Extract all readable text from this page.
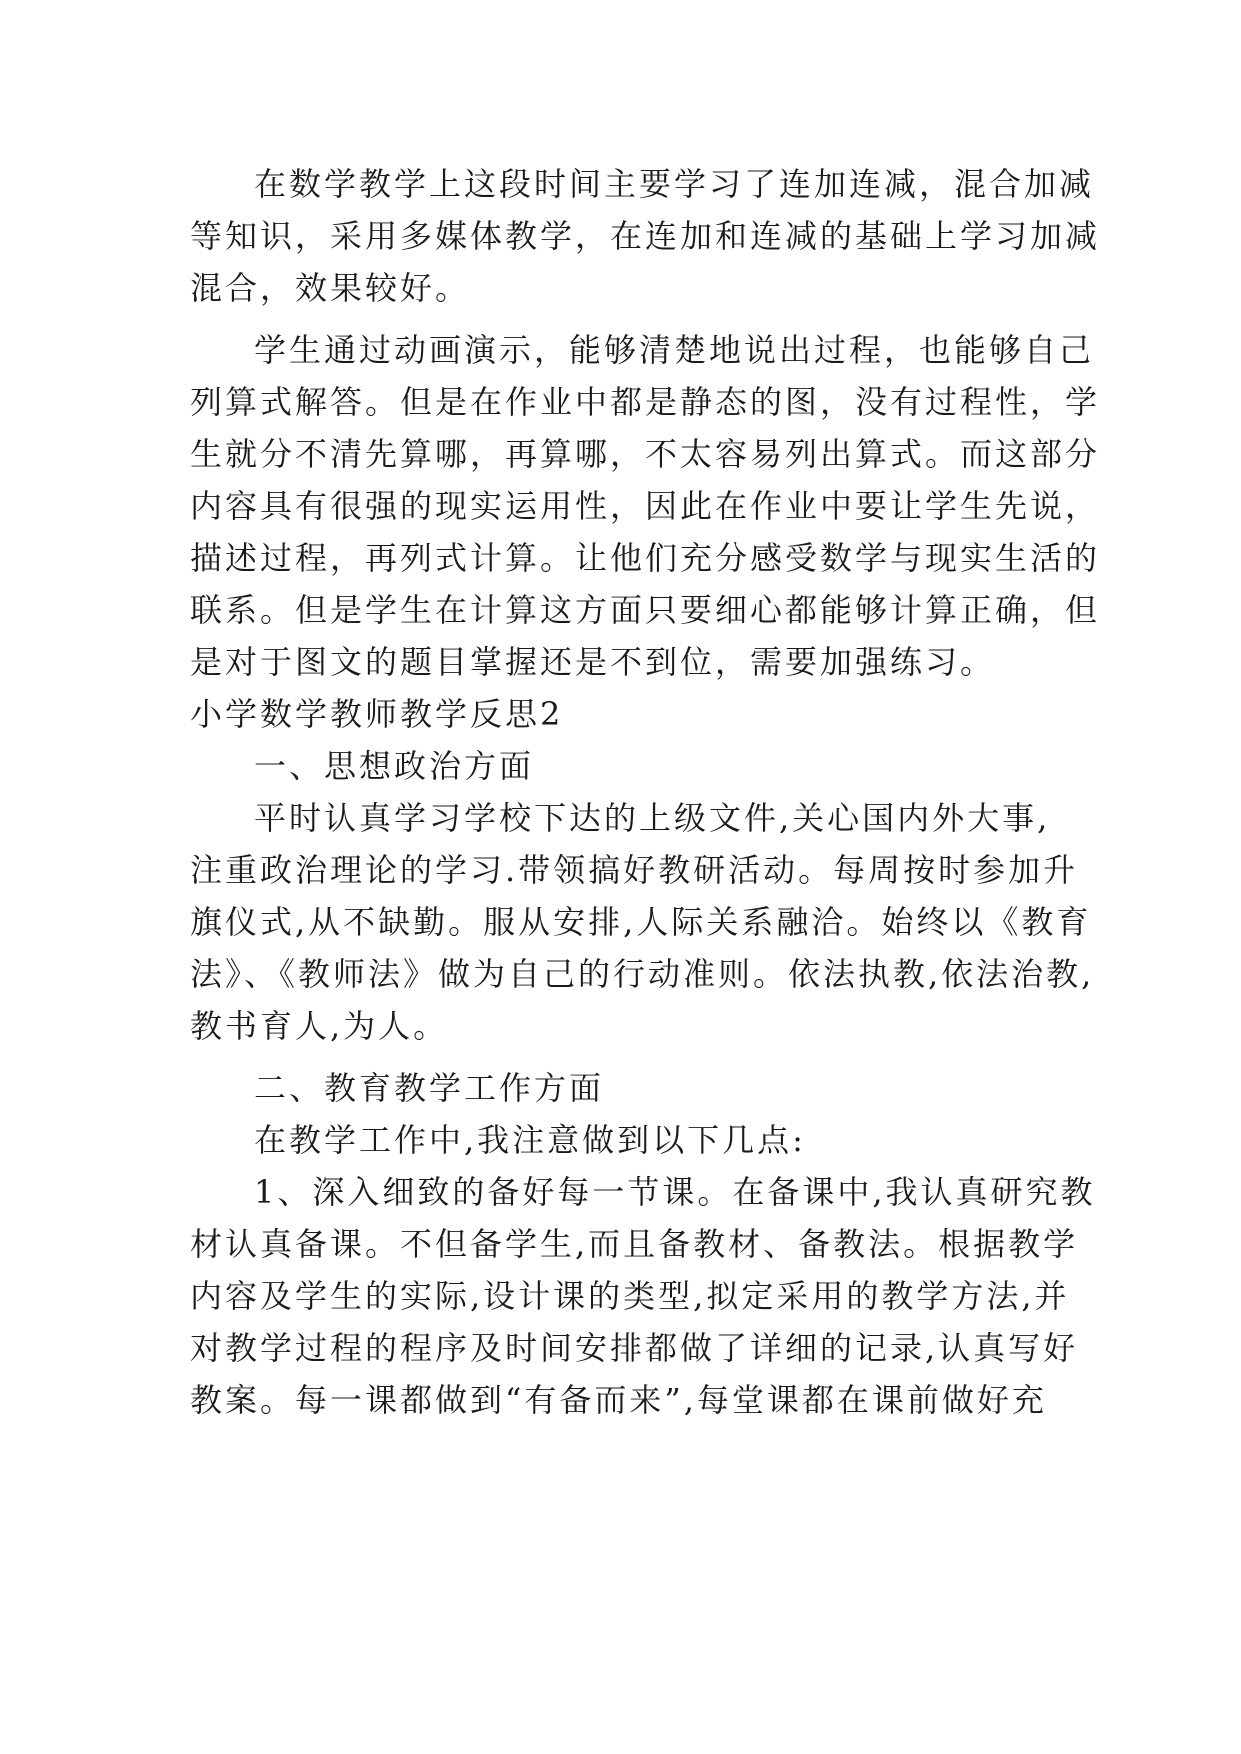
在数学教学上这段时间主要学习了连加连减，混合加减
等知识，采用多媒体教学，在连加和连减的基础上学习加减
混合，效果较好。
学生通过动画演示，能够清楚地说出过程，也能够自己
列算式解答。但是在作业中都是静态的图，没有过程性，学
生就分不清先算哪，再算哪，不太容易列出算式。而这部分
内容具有很强的现实运用性，因此在作业中要让学生先说，
描述过程，再列式计算。让他们充分感受数学与现实生活的
联系。但是学生在计算这方面只要细心都能够计算正确，但
是对于图文的题目掌握还是不到位，需要加强练习。
小学数学教师教学反思2
一、思想政治方面
平时认真学习学校下达的上级文件,关心国内外大事,
注重政治理论的学习.带领搞好教研活动。每周按时参加升
旗仪式,从不缺勤。服从安排,人际关系融洽。始终以《教育
法》、《教师法》做为自己的行动准则。依法执教,依法治教,
教书育人,为人。
二、教育教学工作方面
在教学工作中,我注意做到以下几点:
1、深入细致的备好每一节课。在备课中,我认真研究教
材认真备课。不但备学生,而且备教材、备教法。根据教学
内容及学生的实际,设计课的类型,拟定采用的教学方法,并
对教学过程的程序及时间安排都做了详细的记录,认真写好
教案。每一课都做到“有备而来”,每堂课都在课前做好充
